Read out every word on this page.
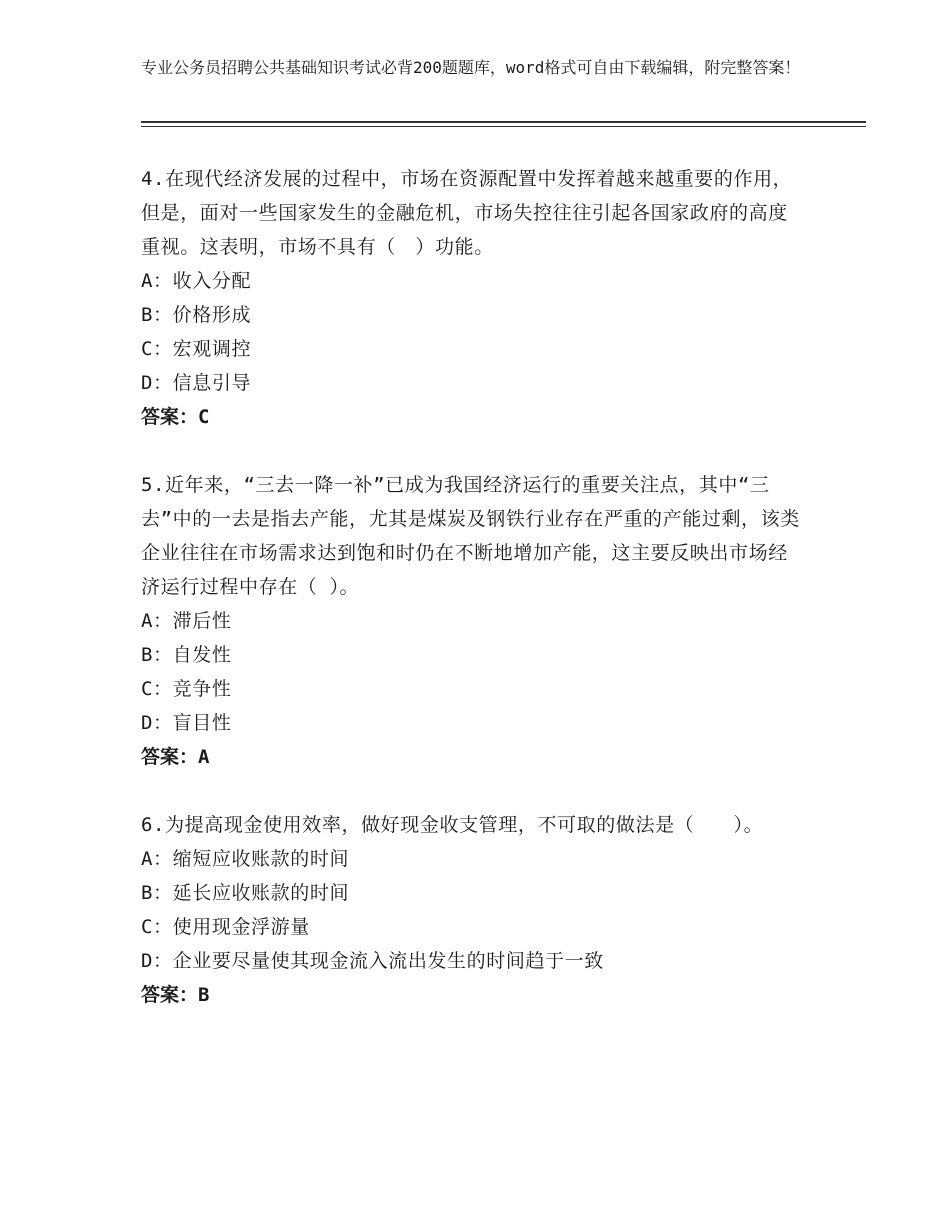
专业公务员招聘公共基础知识考试必背200题题库，word格式可自由下载编辑，附完整答案！

4.在现代经济发展的过程中，市场在资源配置中发挥着越来越重要的作用，但是，面对一些国家发生的金融危机，市场失控往往引起各国家政府的高度重视。这表明，市场不具有（　）功能。

A：收入分配

B：价格形成

C：宏观调控

D：信息引导

答案：C

5.近年来，“三去一降一补”已成为我国经济运行的重要关注点，其中“三去”中的一去是指去产能，尤其是煤炭及钢铁行业存在严重的产能过剩，该类企业往往在市场需求达到饱和时仍在不断地增加产能，这主要反映出市场经济运行过程中存在（ ）。

A：滞后性

B：自发性

C：竞争性

D：盲目性

答案：A

6.为提高现金使用效率，做好现金收支管理，不可取的做法是（　　）。

A：缩短应收账款的时间

B：延长应收账款的时间

C：使用现金浮游量

D：企业要尽量使其现金流入流出发生的时间趋于一致

答案：B
